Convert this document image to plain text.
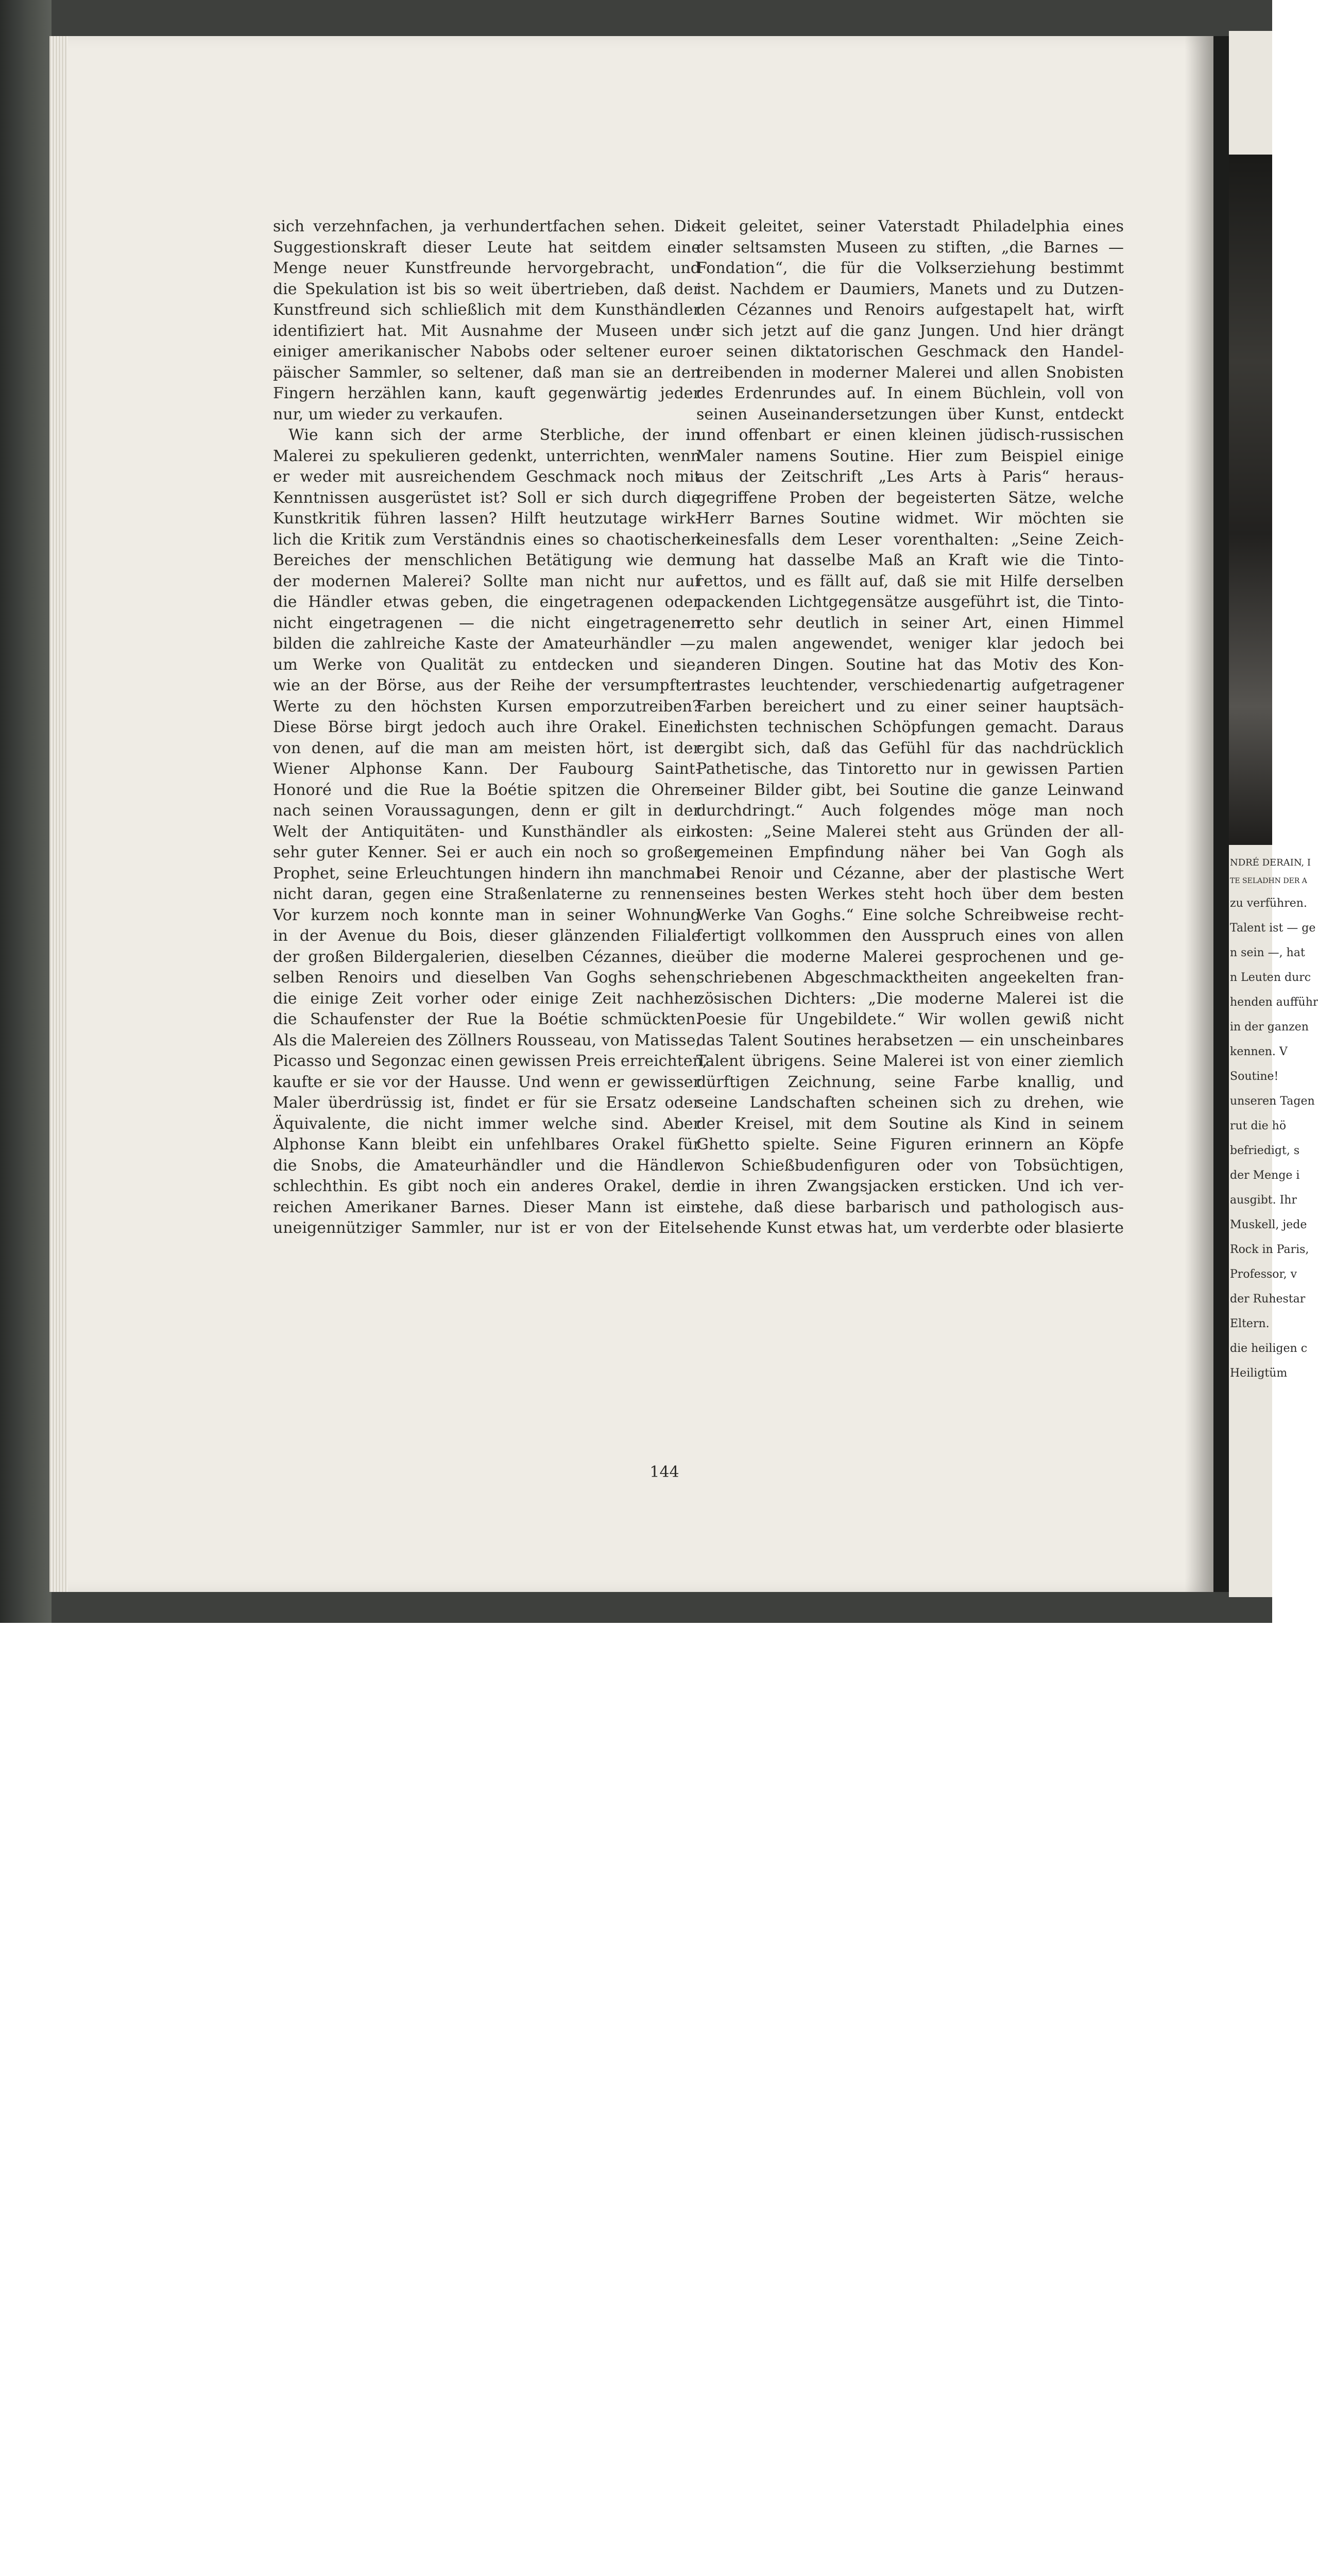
NDRÉ DERAIN, I
TE SELADHN DER A
zu verführen.
Talent ist — ge
n sein —, hat
n Leuten durc
henden aufführ
in der ganzen
kennen. V
Soutine!
unseren Tagen
rut die hö
befriedigt, s
der Menge i
ausgibt. Ihr
Muskell, jede
Rock in Paris,
Professor, v
der Ruhestar
Eltern.
die heiligen c
Heiligtüm
sich verzehnfachen, ja verhundertfachen sehen. Die
Suggestionskraft dieser Leute hat seitdem eine
Menge neuer Kunstfreunde hervorgebracht, und
die Spekulation ist bis so weit übertrieben, daß der
Kunstfreund sich schließlich mit dem Kunsthändler
identifiziert hat. Mit Ausnahme der Museen und
einiger amerikanischer Nabobs oder seltener euro-
päischer Sammler, so seltener, daß man sie an den
Fingern herzählen kann, kauft gegenwärtig jeder
nur, um wieder zu verkaufen.
Wie kann sich der arme Sterbliche, der in
Malerei zu spekulieren gedenkt, unterrichten, wenn
er weder mit ausreichendem Geschmack noch mit
Kenntnissen ausgerüstet ist? Soll er sich durch die
Kunstkritik führen lassen? Hilft heutzutage wirk-
lich die Kritik zum Verständnis eines so chaotischen
Bereiches der menschlichen Betätigung wie dem
der modernen Malerei? Sollte man nicht nur auf
die Händler etwas geben, die eingetragenen oder
nicht eingetragenen — die nicht eingetragenen
bilden die zahlreiche Kaste der Amateurhändler —,
um Werke von Qualität zu entdecken und sie,
wie an der Börse, aus der Reihe der versumpften
Werte zu den höchsten Kursen emporzutreiben?
Diese Börse birgt jedoch auch ihre Orakel. Einer
von denen, auf die man am meisten hört, ist der
Wiener Alphonse Kann. Der Faubourg Saint-
Honoré und die Rue la Boétie spitzen die Ohren
nach seinen Voraussagungen, denn er gilt in der
Welt der Antiquitäten- und Kunsthändler als ein
sehr guter Kenner. Sei er auch ein noch so großer
Prophet, seine Erleuchtungen hindern ihn manchmal
nicht daran, gegen eine Straßenlaterne zu rennen.
Vor kurzem noch konnte man in seiner Wohnung
in der Avenue du Bois, dieser glänzenden Filiale
der großen Bildergalerien, dieselben Cézannes, die-
selben Renoirs und dieselben Van Goghs sehen,
die einige Zeit vorher oder einige Zeit nachher
die Schaufenster der Rue la Boétie schmückten.
Als die Malereien des Zöllners Rousseau, von Matisse,
Picasso und Segonzac einen gewissen Preis erreichten,
kaufte er sie vor der Hausse. Und wenn er gewisser
Maler überdrüssig ist, findet er für sie Ersatz oder
Äquivalente, die nicht immer welche sind. Aber
Alphonse Kann bleibt ein unfehlbares Orakel für
die Snobs, die Amateurhändler und die Händler
schlechthin. Es gibt noch ein anderes Orakel, den
reichen Amerikaner Barnes. Dieser Mann ist ein
uneigennütziger Sammler, nur ist er von der Eitel-
keit geleitet, seiner Vaterstadt Philadelphia eines
der seltsamsten Museen zu stiften, „die Barnes —
Fondation“, die für die Volkserziehung bestimmt
ist. Nachdem er Daumiers, Manets und zu Dutzen-
den Cézannes und Renoirs aufgestapelt hat, wirft
er sich jetzt auf die ganz Jungen. Und hier drängt
er seinen diktatorischen Geschmack den Handel-
treibenden in moderner Malerei und allen Snobisten
des Erdenrundes auf. In einem Büchlein, voll von
seinen Auseinandersetzungen über Kunst, entdeckt
und offenbart er einen kleinen jüdisch-russischen
Maler namens Soutine. Hier zum Beispiel einige
aus der Zeitschrift „Les Arts à Paris“ heraus-
gegriffene Proben der begeisterten Sätze, welche
Herr Barnes Soutine widmet. Wir möchten sie
keinesfalls dem Leser vorenthalten: „Seine Zeich-
nung hat dasselbe Maß an Kraft wie die Tinto-
rettos, und es fällt auf, daß sie mit Hilfe derselben
packenden Lichtgegensätze ausgeführt ist, die Tinto-
retto sehr deutlich in seiner Art, einen Himmel
zu malen angewendet, weniger klar jedoch bei
anderen Dingen. Soutine hat das Motiv des Kon-
trastes leuchtender, verschiedenartig aufgetragener
Farben bereichert und zu einer seiner hauptsäch-
lichsten technischen Schöpfungen gemacht. Daraus
ergibt sich, daß das Gefühl für das nachdrücklich
Pathetische, das Tintoretto nur in gewissen Partien
seiner Bilder gibt, bei Soutine die ganze Leinwand
durchdringt.“ Auch folgendes möge man noch
kosten: „Seine Malerei steht aus Gründen der all-
gemeinen Empfindung näher bei Van Gogh als
bei Renoir und Cézanne, aber der plastische Wert
seines besten Werkes steht hoch über dem besten
Werke Van Goghs.“ Eine solche Schreibweise recht-
fertigt vollkommen den Ausspruch eines von allen
über die moderne Malerei gesprochenen und ge-
schriebenen Abgeschmacktheiten angeekelten fran-
zösischen Dichters: „Die moderne Malerei ist die
Poesie für Ungebildete.“ Wir wollen gewiß nicht
das Talent Soutines herabsetzen — ein unscheinbares
Talent übrigens. Seine Malerei ist von einer ziemlich
dürftigen Zeichnung, seine Farbe knallig, und
seine Landschaften scheinen sich zu drehen, wie
der Kreisel, mit dem Soutine als Kind in seinem
Ghetto spielte. Seine Figuren erinnern an Köpfe
von Schießbudenfiguren oder von Tobsüchtigen,
die in ihren Zwangsjacken ersticken. Und ich ver-
stehe, daß diese barbarisch und pathologisch aus-
sehende Kunst etwas hat, um verderbte oder blasierte
144
